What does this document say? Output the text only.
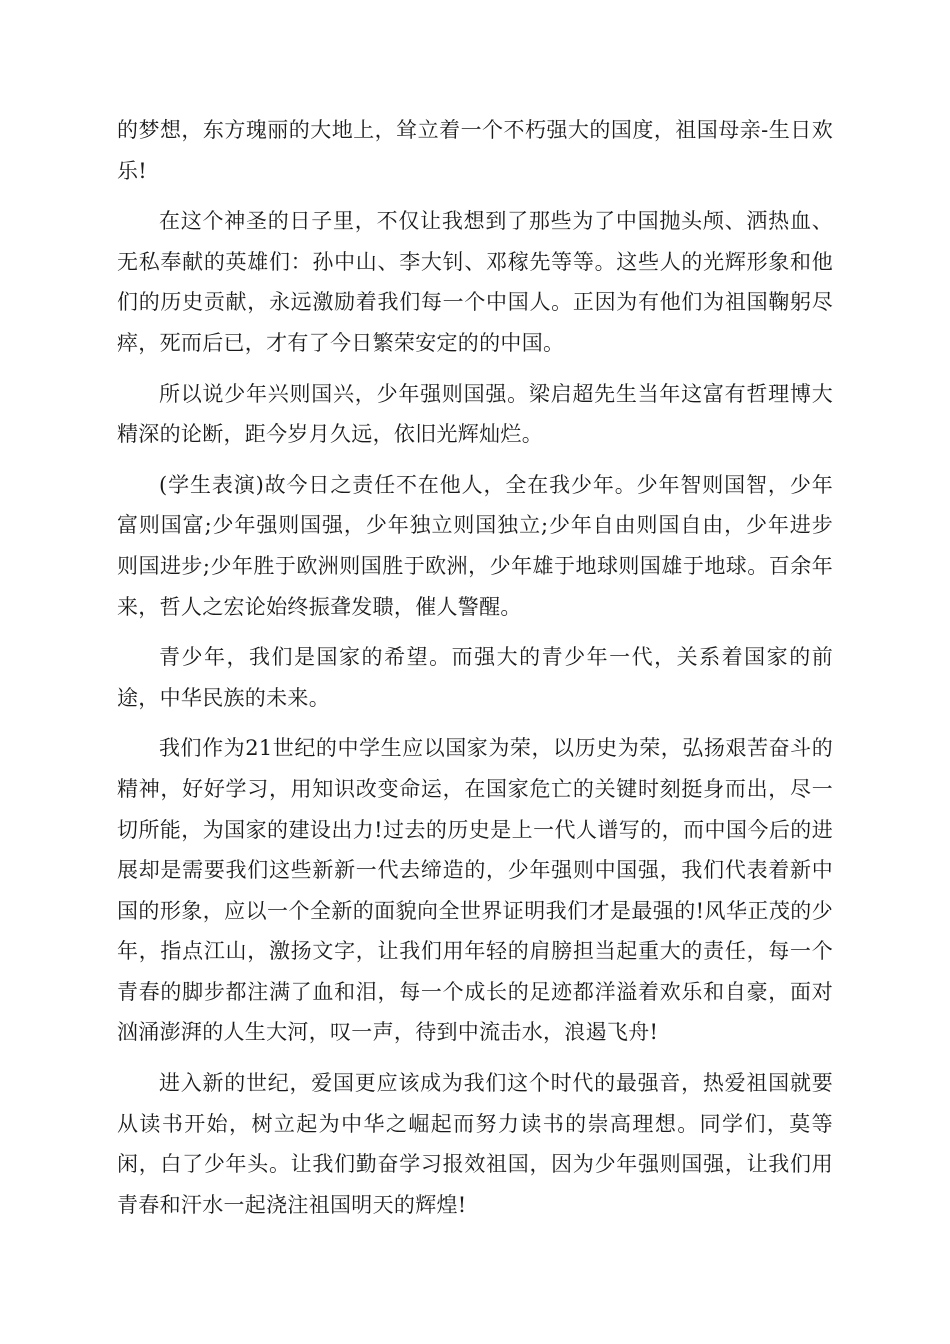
的梦想，东方瑰丽的大地上，耸立着一个不朽强大的国度，祖国母亲-生日欢乐!

在这个神圣的日子里，不仅让我想到了那些为了中国抛头颅、洒热血、无私奉献的英雄们：孙中山、李大钊、邓稼先等等。这些人的光辉形象和他们的历史贡献，永远激励着我们每一个中国人。正因为有他们为祖国鞠躬尽瘁，死而后已，才有了今日繁荣安定的的中国。

所以说少年兴则国兴，少年强则国强。梁启超先生当年这富有哲理博大精深的论断，距今岁月久远，依旧光辉灿烂。

(学生表演)故今日之责任不在他人，全在我少年。少年智则国智，少年富则国富;少年强则国强，少年独立则国独立;少年自由则国自由，少年进步则国进步;少年胜于欧洲则国胜于欧洲，少年雄于地球则国雄于地球。百余年来，哲人之宏论始终振聋发聩，催人警醒。

青少年，我们是国家的希望。而强大的青少年一代，关系着国家的前途，中华民族的未来。

我们作为21世纪的中学生应以国家为荣，以历史为荣，弘扬艰苦奋斗的精神，好好学习，用知识改变命运，在国家危亡的关键时刻挺身而出，尽一切所能，为国家的建设出力!过去的历史是上一代人谱写的，而中国今后的进展却是需要我们这些新新一代去缔造的，少年强则中国强，我们代表着新中国的形象，应以一个全新的面貌向全世界证明我们才是最强的!风华正茂的少年，指点江山，激扬文字，让我们用年轻的肩膀担当起重大的责任，每一个青春的脚步都注满了血和泪，每一个成长的足迹都洋溢着欢乐和自豪，面对汹涌澎湃的人生大河，叹一声，待到中流击水，浪遏飞舟!

进入新的世纪，爱国更应该成为我们这个时代的最强音，热爱祖国就要从读书开始，树立起为中华之崛起而努力读书的崇高理想。同学们，莫等闲，白了少年头。让我们勤奋学习报效祖国，因为少年强则国强，让我们用青春和汗水一起浇注祖国明天的辉煌!
